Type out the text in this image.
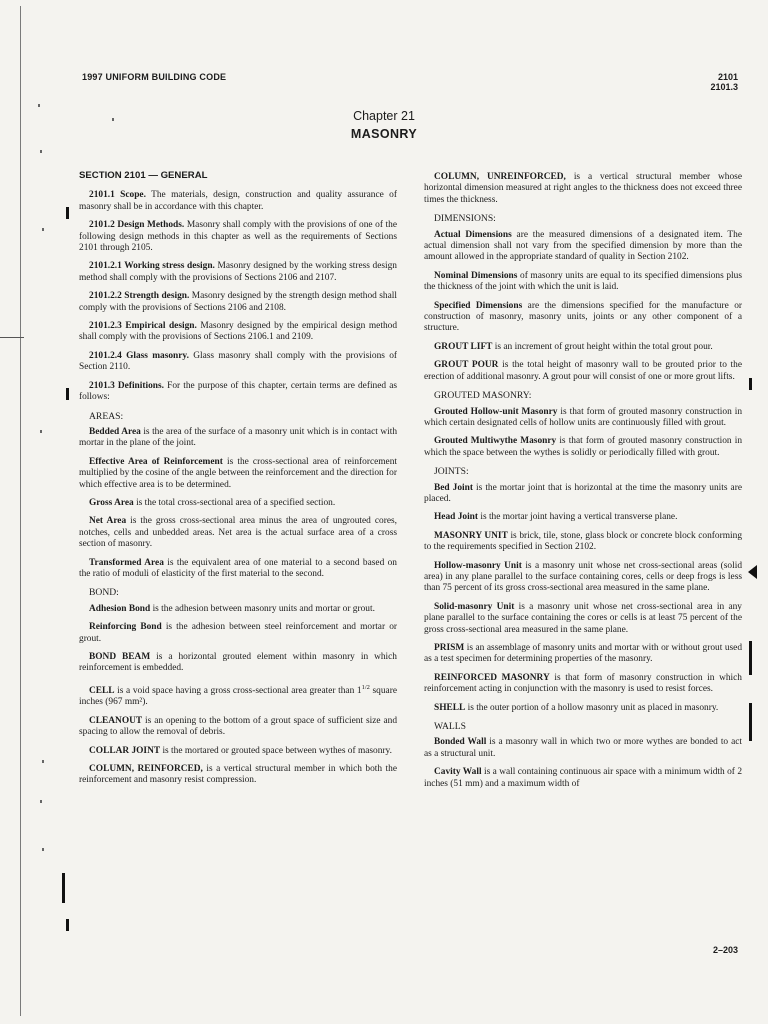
1997 UNIFORM BUILDING CODE	2101
2101.3
Chapter 21
MASONRY
SECTION 2101 — GENERAL

2101.1 Scope. The materials, design, construction and quality assurance of masonry shall be in accordance with this chapter.

2101.2 Design Methods. Masonry shall comply with the provisions of one of the following design methods in this chapter as well as the requirements of Sections 2101 through 2105.

2101.2.1 Working stress design. Masonry designed by the working stress design method shall comply with the provisions of Sections 2106 and 2107.

2101.2.2 Strength design. Masonry designed by the strength design method shall comply with the provisions of Sections 2106 and 2108.

2101.2.3 Empirical design. Masonry designed by the empirical design method shall comply with the provisions of Sections 2106.1 and 2109.

2101.2.4 Glass masonry. Glass masonry shall comply with the provisions of Section 2110.

2101.3 Definitions. For the purpose of this chapter, certain terms are defined as follows:

AREAS:

Bedded Area is the area of the surface of a masonry unit which is in contact with mortar in the plane of the joint.

Effective Area of Reinforcement is the cross-sectional area of reinforcement multiplied by the cosine of the angle between the reinforcement and the direction for which effective area is to be determined.

Gross Area is the total cross-sectional area of a specified section.

Net Area is the gross cross-sectional area minus the area of ungrouted cores, notches, cells and unbedded areas. Net area is the actual surface area of a cross section of masonry.

Transformed Area is the equivalent area of one material to a second based on the ratio of moduli of elasticity of the first material to the second.

BOND:

Adhesion Bond is the adhesion between masonry units and mortar or grout.

Reinforcing Bond is the adhesion between steel reinforcement and mortar or grout.

BOND BEAM is a horizontal grouted element within masonry in which reinforcement is embedded.

CELL is a void space having a gross cross-sectional area greater than $1^{1/2}$ square inches (967 mm²).

CLEANOUT is an opening to the bottom of a grout space of sufficient size and spacing to allow the removal of debris.

COLLAR JOINT is the mortared or grouted space between wythes of masonry.

COLUMN, REINFORCED, is a vertical structural member in which both the reinforcement and masonry resist compression.

COLUMN, UNREINFORCED, is a vertical structural member whose horizontal dimension measured at right angles to the thickness does not exceed three times the thickness.

DIMENSIONS:

Actual Dimensions are the measured dimensions of a designated item. The actual dimension shall not vary from the specified dimension by more than the amount allowed in the appropriate standard of quality in Section 2102.

Nominal Dimensions of masonry units are equal to its specified dimensions plus the thickness of the joint with which the unit is laid.

Specified Dimensions are the dimensions specified for the manufacture or construction of masonry, masonry units, joints or any other component of a structure.

GROUT LIFT is an increment of grout height within the total grout pour.

GROUT POUR is the total height of masonry wall to be grouted prior to the erection of additional masonry. A grout pour will consist of one or more grout lifts.

GROUTED MASONRY:

Grouted Hollow-unit Masonry is that form of grouted masonry construction in which certain designated cells of hollow units are continuously filled with grout.

Grouted Multiwythe Masonry is that form of grouted masonry construction in which the space between the wythes is solidly or periodically filled with grout.

JOINTS:

Bed Joint is the mortar joint that is horizontal at the time the masonry units are placed.

Head Joint is the mortar joint having a vertical transverse plane.

MASONRY UNIT is brick, tile, stone, glass block or concrete block conforming to the requirements specified in Section 2102.

Hollow-masonry Unit is a masonry unit whose net cross-sectional areas (solid area) in any plane parallel to the surface containing cores, cells or deep frogs is less than 75 percent of its gross cross-sectional area measured in the same plane.

Solid-masonry Unit is a masonry unit whose net cross-sectional area in any plane parallel to the surface containing the cores or cells is at least 75 percent of the gross cross-sectional area measured in the same plane.

PRISM is an assemblage of masonry units and mortar with or without grout used as a test specimen for determining properties of the masonry.

REINFORCED MASONRY is that form of masonry construction in which reinforcement acting in conjunction with the masonry is used to resist forces.

SHELL is the outer portion of a hollow masonry unit as placed in masonry.

WALLS

Bonded Wall is a masonry wall in which two or more wythes are bonded to act as a structural unit.

Cavity Wall is a wall containing continuous air space with a minimum width of 2 inches (51 mm) and a maximum width of

2–203
